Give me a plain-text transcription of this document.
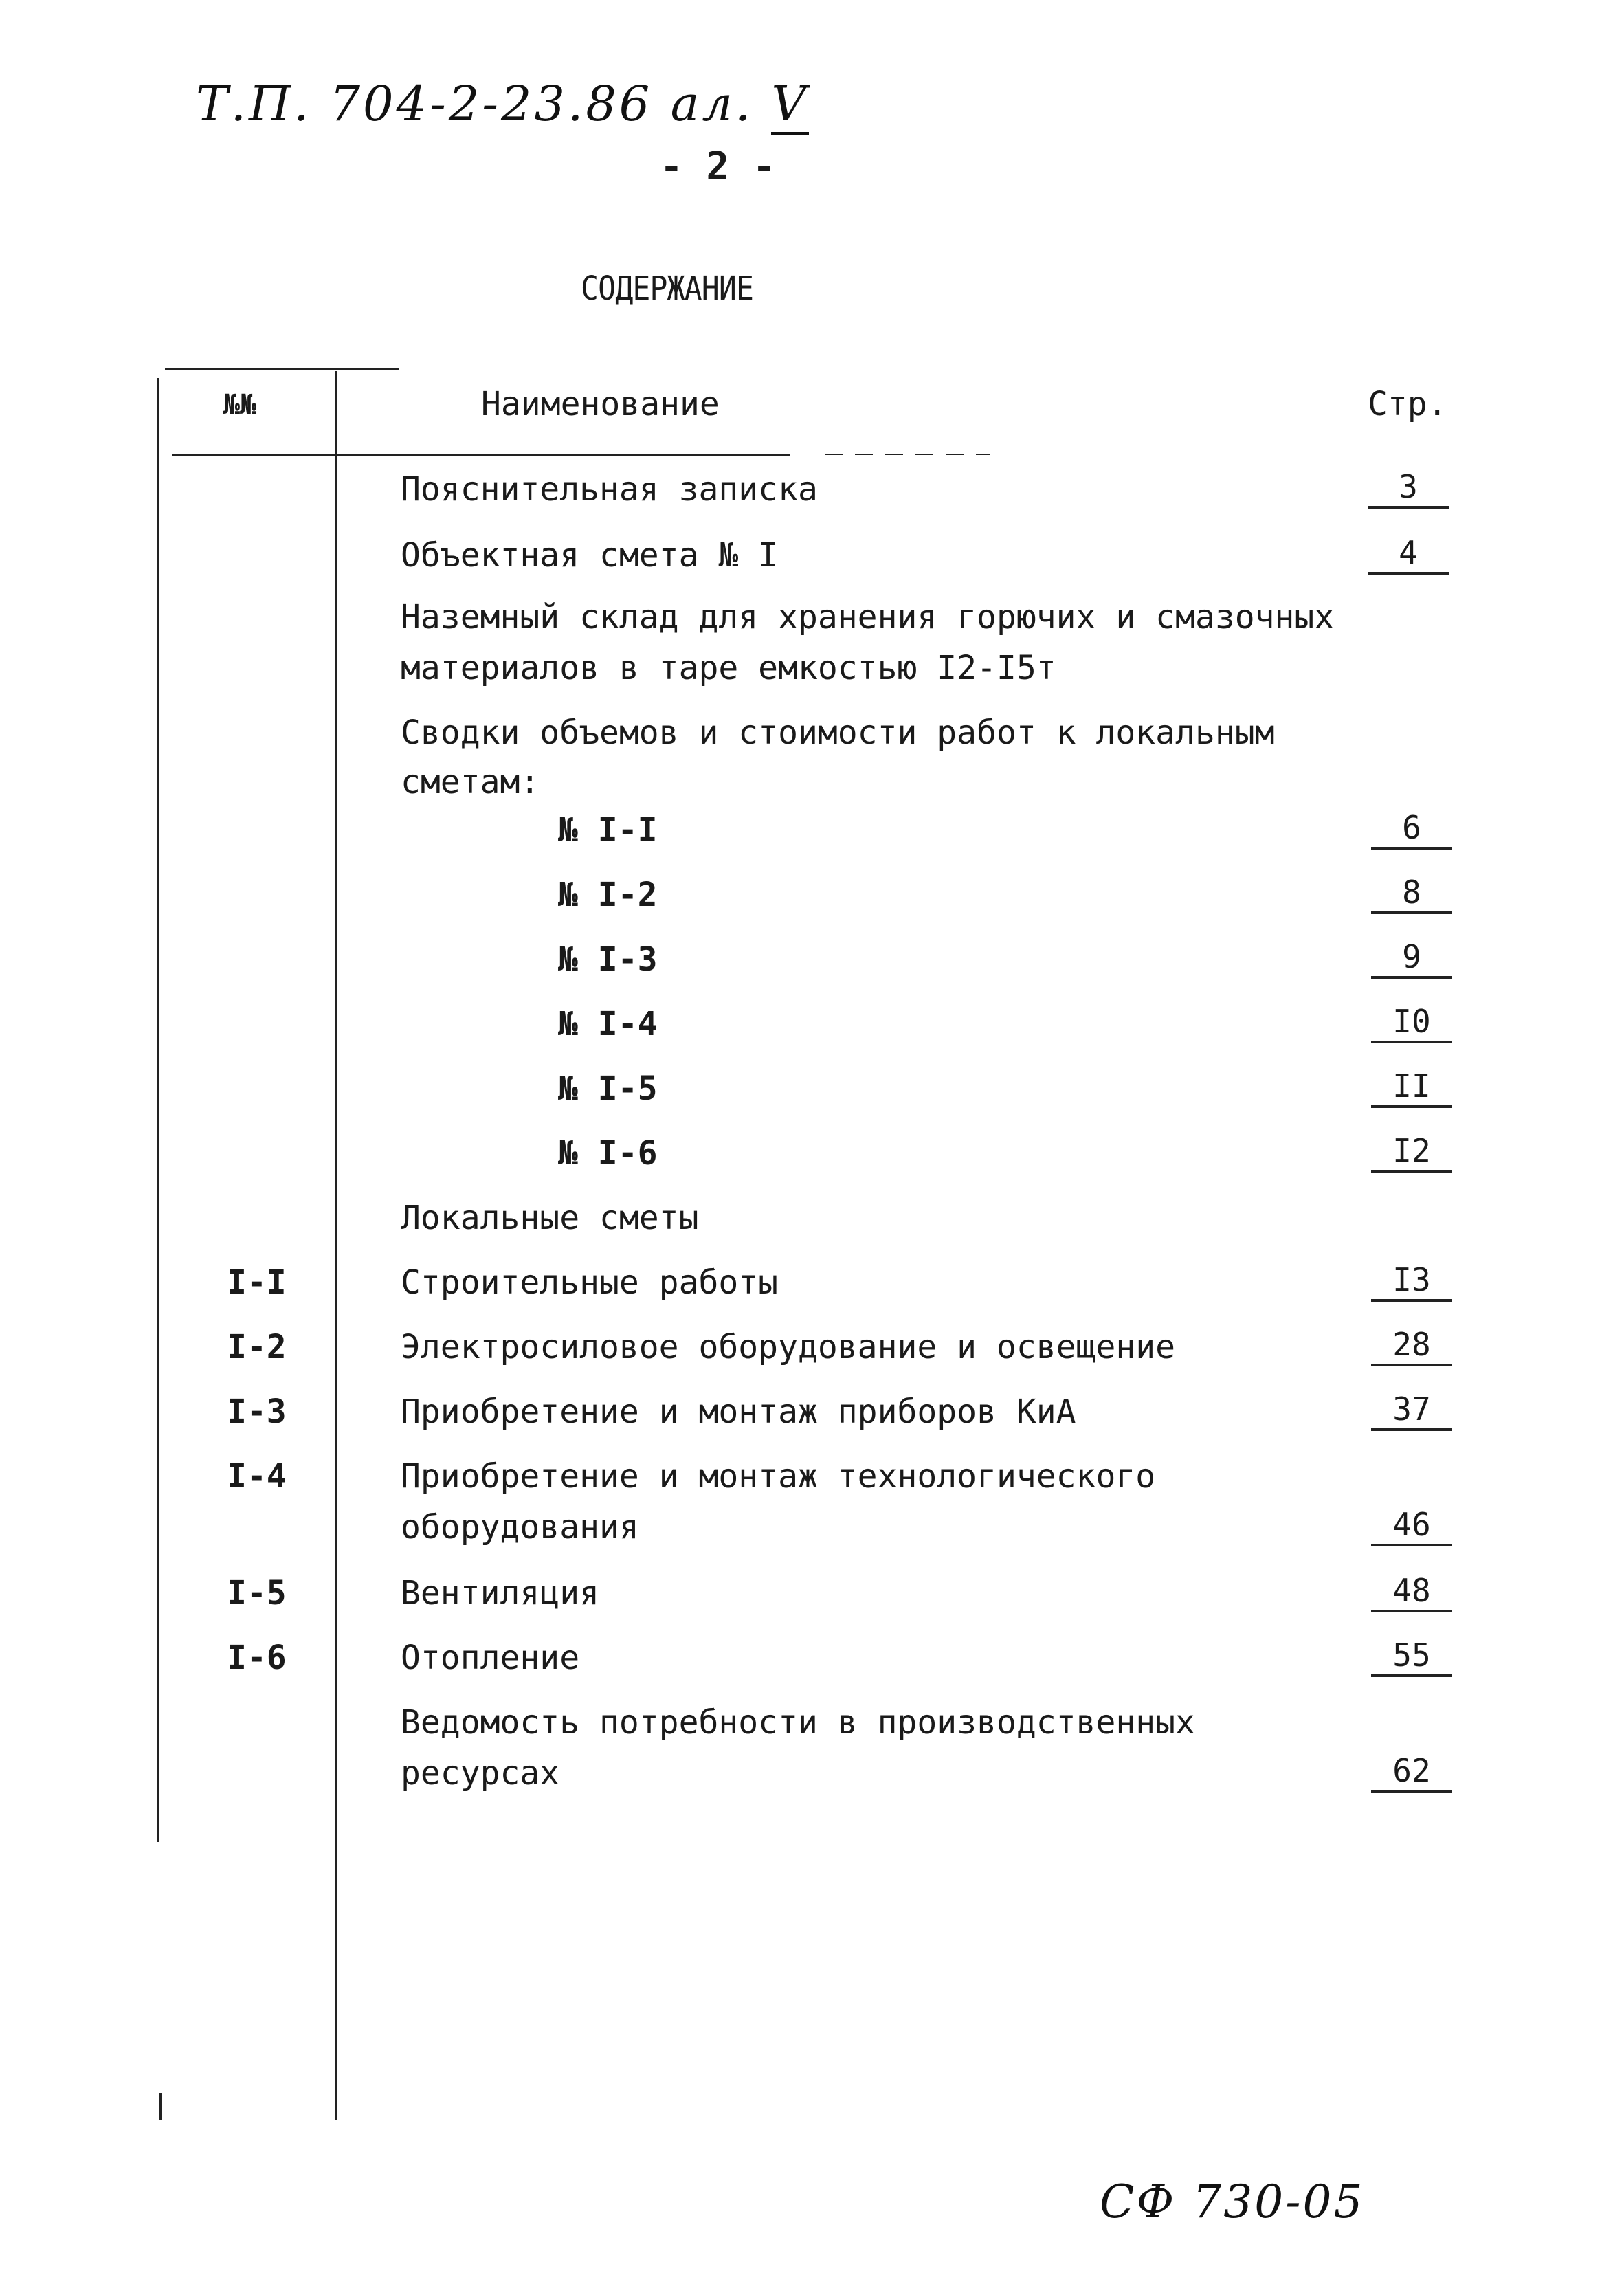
Т.П. 704-2-23.86 ал. V
- 2 -
СОДЕРЖАНИЕ
№№	Наименование	Стр.
Пояснительная записка	3
Объектная смета № I	4
Наземный склад для хранения горючих и смазочных
материалов в таре емкостью I2-I5т
Сводки объемов и стоимости работ к локальным
сметам:
№ I-I	6
№ I-2	8
№ I-3	9
№ I-4	I0
№ I-5	II
№ I-6	I2
Локальные сметы
I-I	Строительные работы	I3
I-2	Электросиловое оборудование и освещение	28
I-3	Приобретение и монтаж приборов КиА	37
I-4	Приобретение и монтаж технологического
оборудования	46
I-5	Вентиляция	48
I-6	Отопление	55
Ведомость потребности в производственных
ресурсах	62
СФ 730-05
